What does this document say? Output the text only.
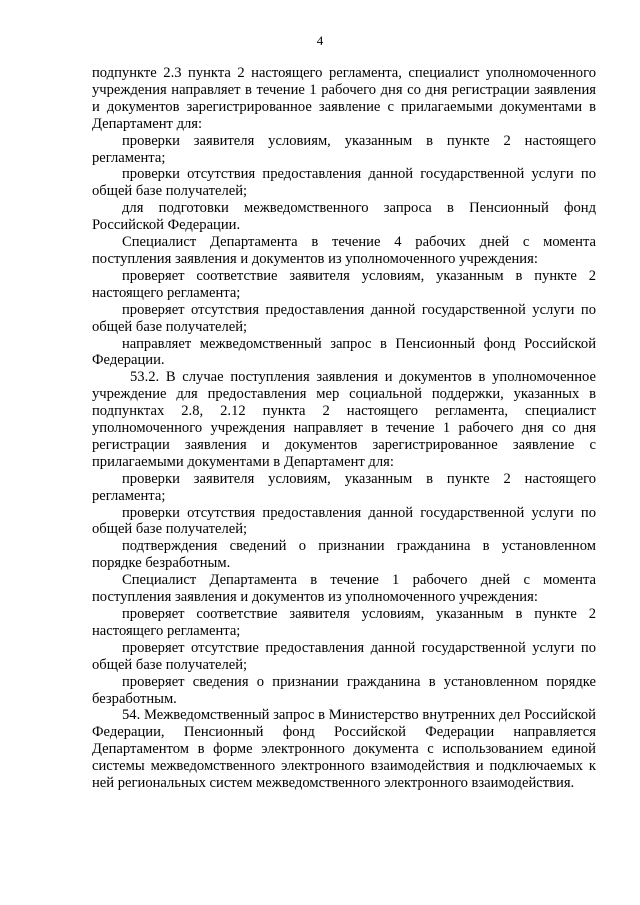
4

подпункте 2.3 пункта 2 настоящего регламента, специалист уполномоченного учреждения направляет в течение 1 рабочего дня со дня регистрации заявления и документов зарегистрированное заявление с прилагаемыми документами в Департамент для:

проверки заявителя условиям, указанным в пункте 2 настоящего регламента;

проверки отсутствия предоставления данной государственной услуги по общей базе получателей;

для подготовки межведомственного запроса в Пенсионный фонд Российской Федерации.

Специалист Департамента в течение 4 рабочих дней с момента поступления заявления и документов из уполномоченного учреждения:

проверяет соответствие заявителя условиям, указанным в пункте 2 настоящего регламента;

проверяет отсутствия предоставления данной государственной услуги по общей базе получателей;

направляет межведомственный запрос в Пенсионный фонд Российской Федерации.

53.2. В случае поступления заявления и документов в уполномоченное учреждение для предоставления мер социальной поддержки, указанных в подпунктах 2.8, 2.12 пункта 2 настоящего регламента, специалист уполномоченного учреждения направляет в течение 1 рабочего дня со дня регистрации заявления и документов зарегистрированное заявление с прилагаемыми документами в Департамент для:

проверки заявителя условиям, указанным в пункте 2 настоящего регламента;

проверки отсутствия предоставления данной государственной услуги по общей базе получателей;

подтверждения сведений о признании гражданина в установленном порядке безработным.

Специалист Департамента в течение 1 рабочего дней с момента поступления заявления и документов из уполномоченного учреждения:

проверяет соответствие заявителя условиям, указанным в пункте 2 настоящего регламента;

проверяет отсутствие предоставления данной государственной услуги по общей базе получателей;

проверяет сведения о признании гражданина в установленном порядке безработным.

54. Межведомственный запрос в Министерство внутренних дел Российской Федерации, Пенсионный фонд Российской Федерации направляется Департаментом в форме электронного документа с использованием единой системы межведомственного электронного взаимодействия и подключаемых к ней региональных систем межведомственного электронного взаимодействия.
